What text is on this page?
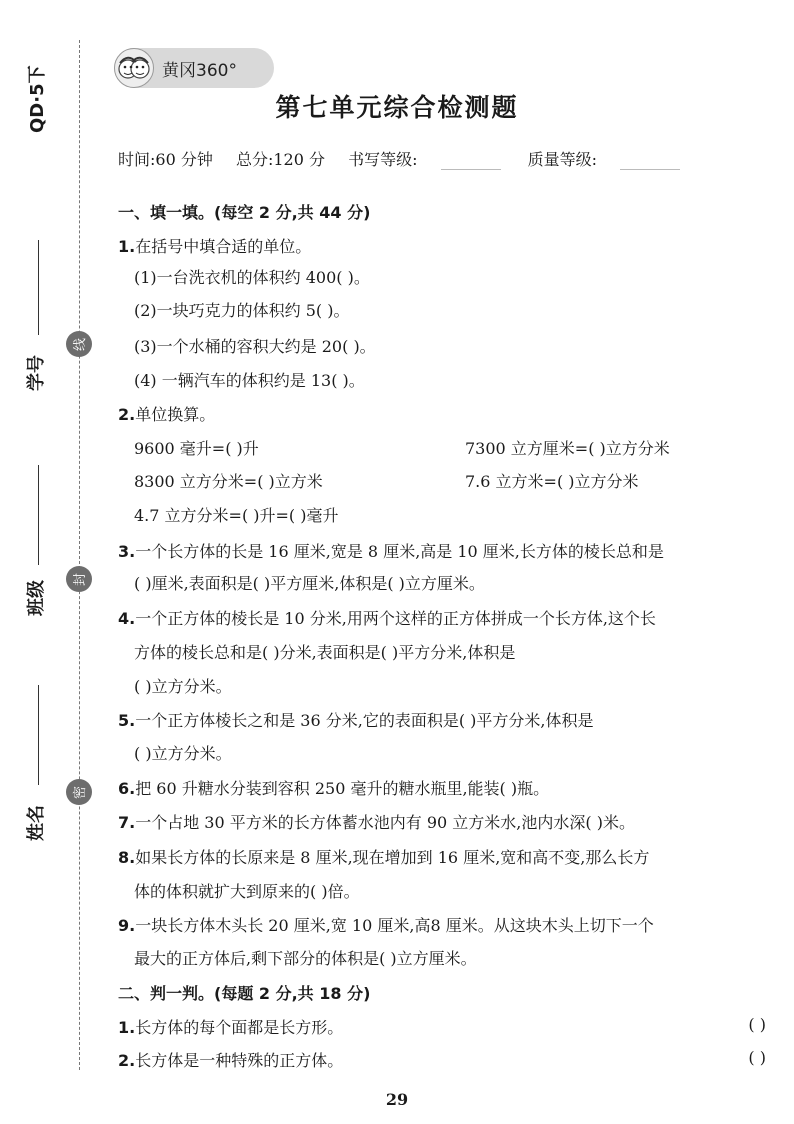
QD·5下
学号
班级
姓名
线
封
密
黄冈360°
第七单元综合检测题
时间:60 分钟 总分:120 分 书写等级:	质量等级:
一、填一填。(每空 2 分,共 44 分)
1.在括号中填合适的单位。
(1)一台洗衣机的体积约 400( )。
(2)一块巧克力的体积约 5( )。
(3)一个水桶的容积大约是 20( )。
(4) 一辆汽车的体积约是 13( )。
2.单位换算。
9600 毫升=( )升	7300 立方厘米=( )立方分米
8300 立方分米=( )立方米	7.6 立方米=( )立方分米
4.7 立方分米=( )升=( )毫升
3.一个长方体的长是 16 厘米,宽是 8 厘米,高是 10 厘米,长方体的棱长总和是
( )厘米,表面积是( )平方厘米,体积是( )立方厘米。
4.一个正方体的棱长是 10 分米,用两个这样的正方体拼成一个长方体,这个长
方体的棱长总和是( )分米,表面积是( )平方分米,体积是
( )立方分米。
5.一个正方体棱长之和是 36 分米,它的表面积是( )平方分米,体积是
( )立方分米。
6.把 60 升糖水分装到容积 250 毫升的糖水瓶里,能装( )瓶。
7.一个占地 30 平方米的长方体蓄水池内有 90 立方米水,池内水深( )米。
8.如果长方体的长原来是 8 厘米,现在增加到 16 厘米,宽和高不变,那么长方
体的体积就扩大到原来的( )倍。
9.一块长方体木头长 20 厘米,宽 10 厘米,高8 厘米。从这块木头上切下一个
最大的正方体后,剩下部分的体积是( )立方厘米。
二、判一判。(每题 2 分,共 18 分)
1.长方体的每个面都是长方形。	( )
2.长方体是一种特殊的正方体。	( )
29
